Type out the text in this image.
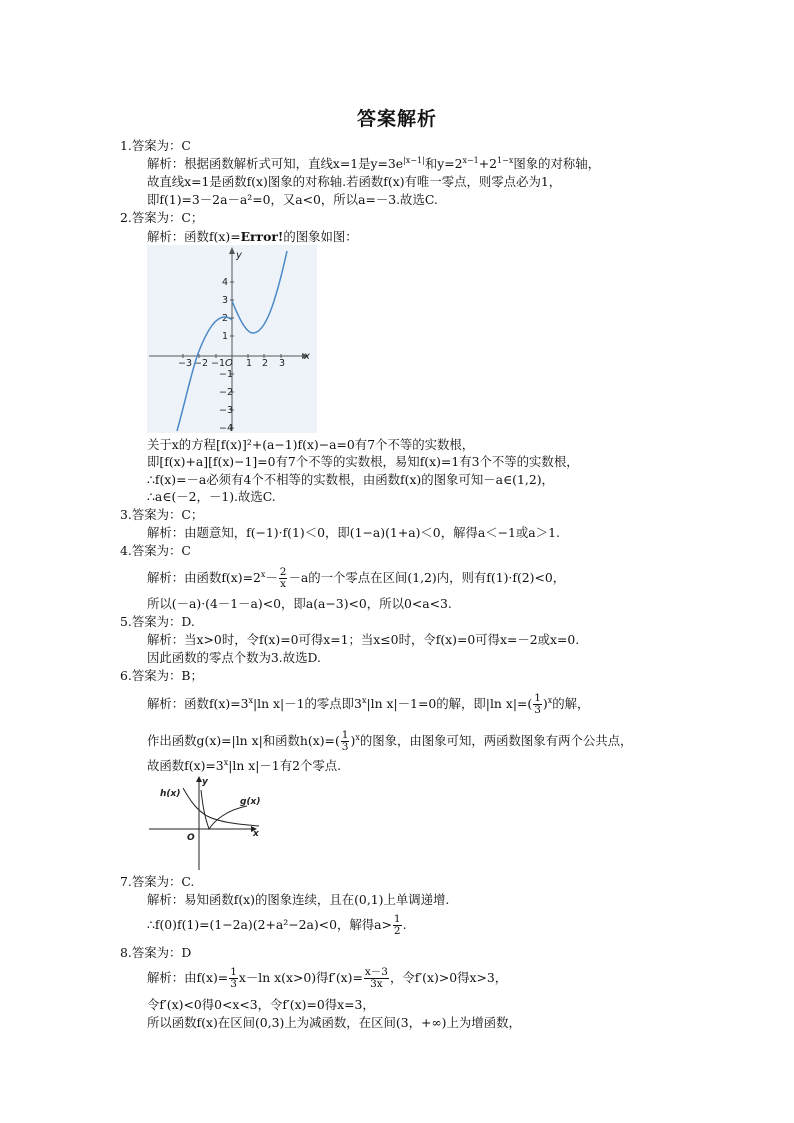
答案解析
1.答案为：C
解析：根据函数解析式可知，直线x=1是$y=3e^{|x-1|}$和$y=2^{x-1}+2^{1-x}$图象的对称轴，
故直线x=1是函数f(x)图象的对称轴.若函数f(x)有唯一零点，则零点必为1，
即f(1)=3－2a－a²=0，又a<0，所以a=－3.故选C.
2.答案为：C；
解析：函数f(x)=Error!的图象如图：
x
y
O
−3 −2 −1 1 2 3
4
3
2
1
−1
−2
−3
−4
关于x的方程[f(x)]²+(a−1)f(x)−a=0有7个不等的实数根，
即[f(x)+a][f(x)−1]=0有7个不等的实数根，易知f(x)=1有3个不等的实数根，
∴f(x)=－a必须有4个不相等的实数根，由函数f(x)的图象可知－a∈(1,2)，
∴a∈(－2，－1).故选C.
3.答案为：C；
解析：由题意知，f(−1)·f(1)＜0，即(1−a)(1+a)＜0，解得a＜−1或a＞1.
4.答案为：C
解析：由函数$f(x)=2^x- \frac{2}{x} -a$的一个零点在区间(1,2)内，则有f(1)·f(2)<0，
所以(－a)·(4－1－a)<0，即a(a−3)<0，所以0<a<3.
5.答案为：D.
解析：当x>0时，令f(x)=0可得x=1；当x≤0时，令f(x)=0可得x=－2或x=0.
因此函数的零点个数为3.故选D.
6.答案为：B；
解析：函数$f(x)=3^x|\ln$ x|－1的零点即3$^x$|ln x|－1=0的解，即|ln $x|=( \frac{1}{3} )^x$的解，
作出函数g(x)=|ln x|和函数$h(x)=( \frac{1}{3} )^x$的图象，由图象可知，两函数图象有两个公共点，
故函数$f(x)=3^x|\ln$ x|－1有2个零点.
x
y
O
h(x)
g(x)
7.答案为：C.
解析：易知函数f(x)的图象连续，且在(0,1)上单调递增.
∴f(0)f(1)=(1−2a)(2+a²−2a)<0，解得$a> \frac{1}{2}$ .
8.答案为：D
解析：由$f(x)= \frac{1}{3} x-\ln$ x(x>0)得$f'(x)= \frac{x-3}{3x}$ ，令f′(x)>0得x>3，
令f′(x)<0得0<x<3，令f′(x)=0得x=3，
所以函数f(x)在区间(0,3)上为减函数，在区间(3，+∞)上为增函数，
